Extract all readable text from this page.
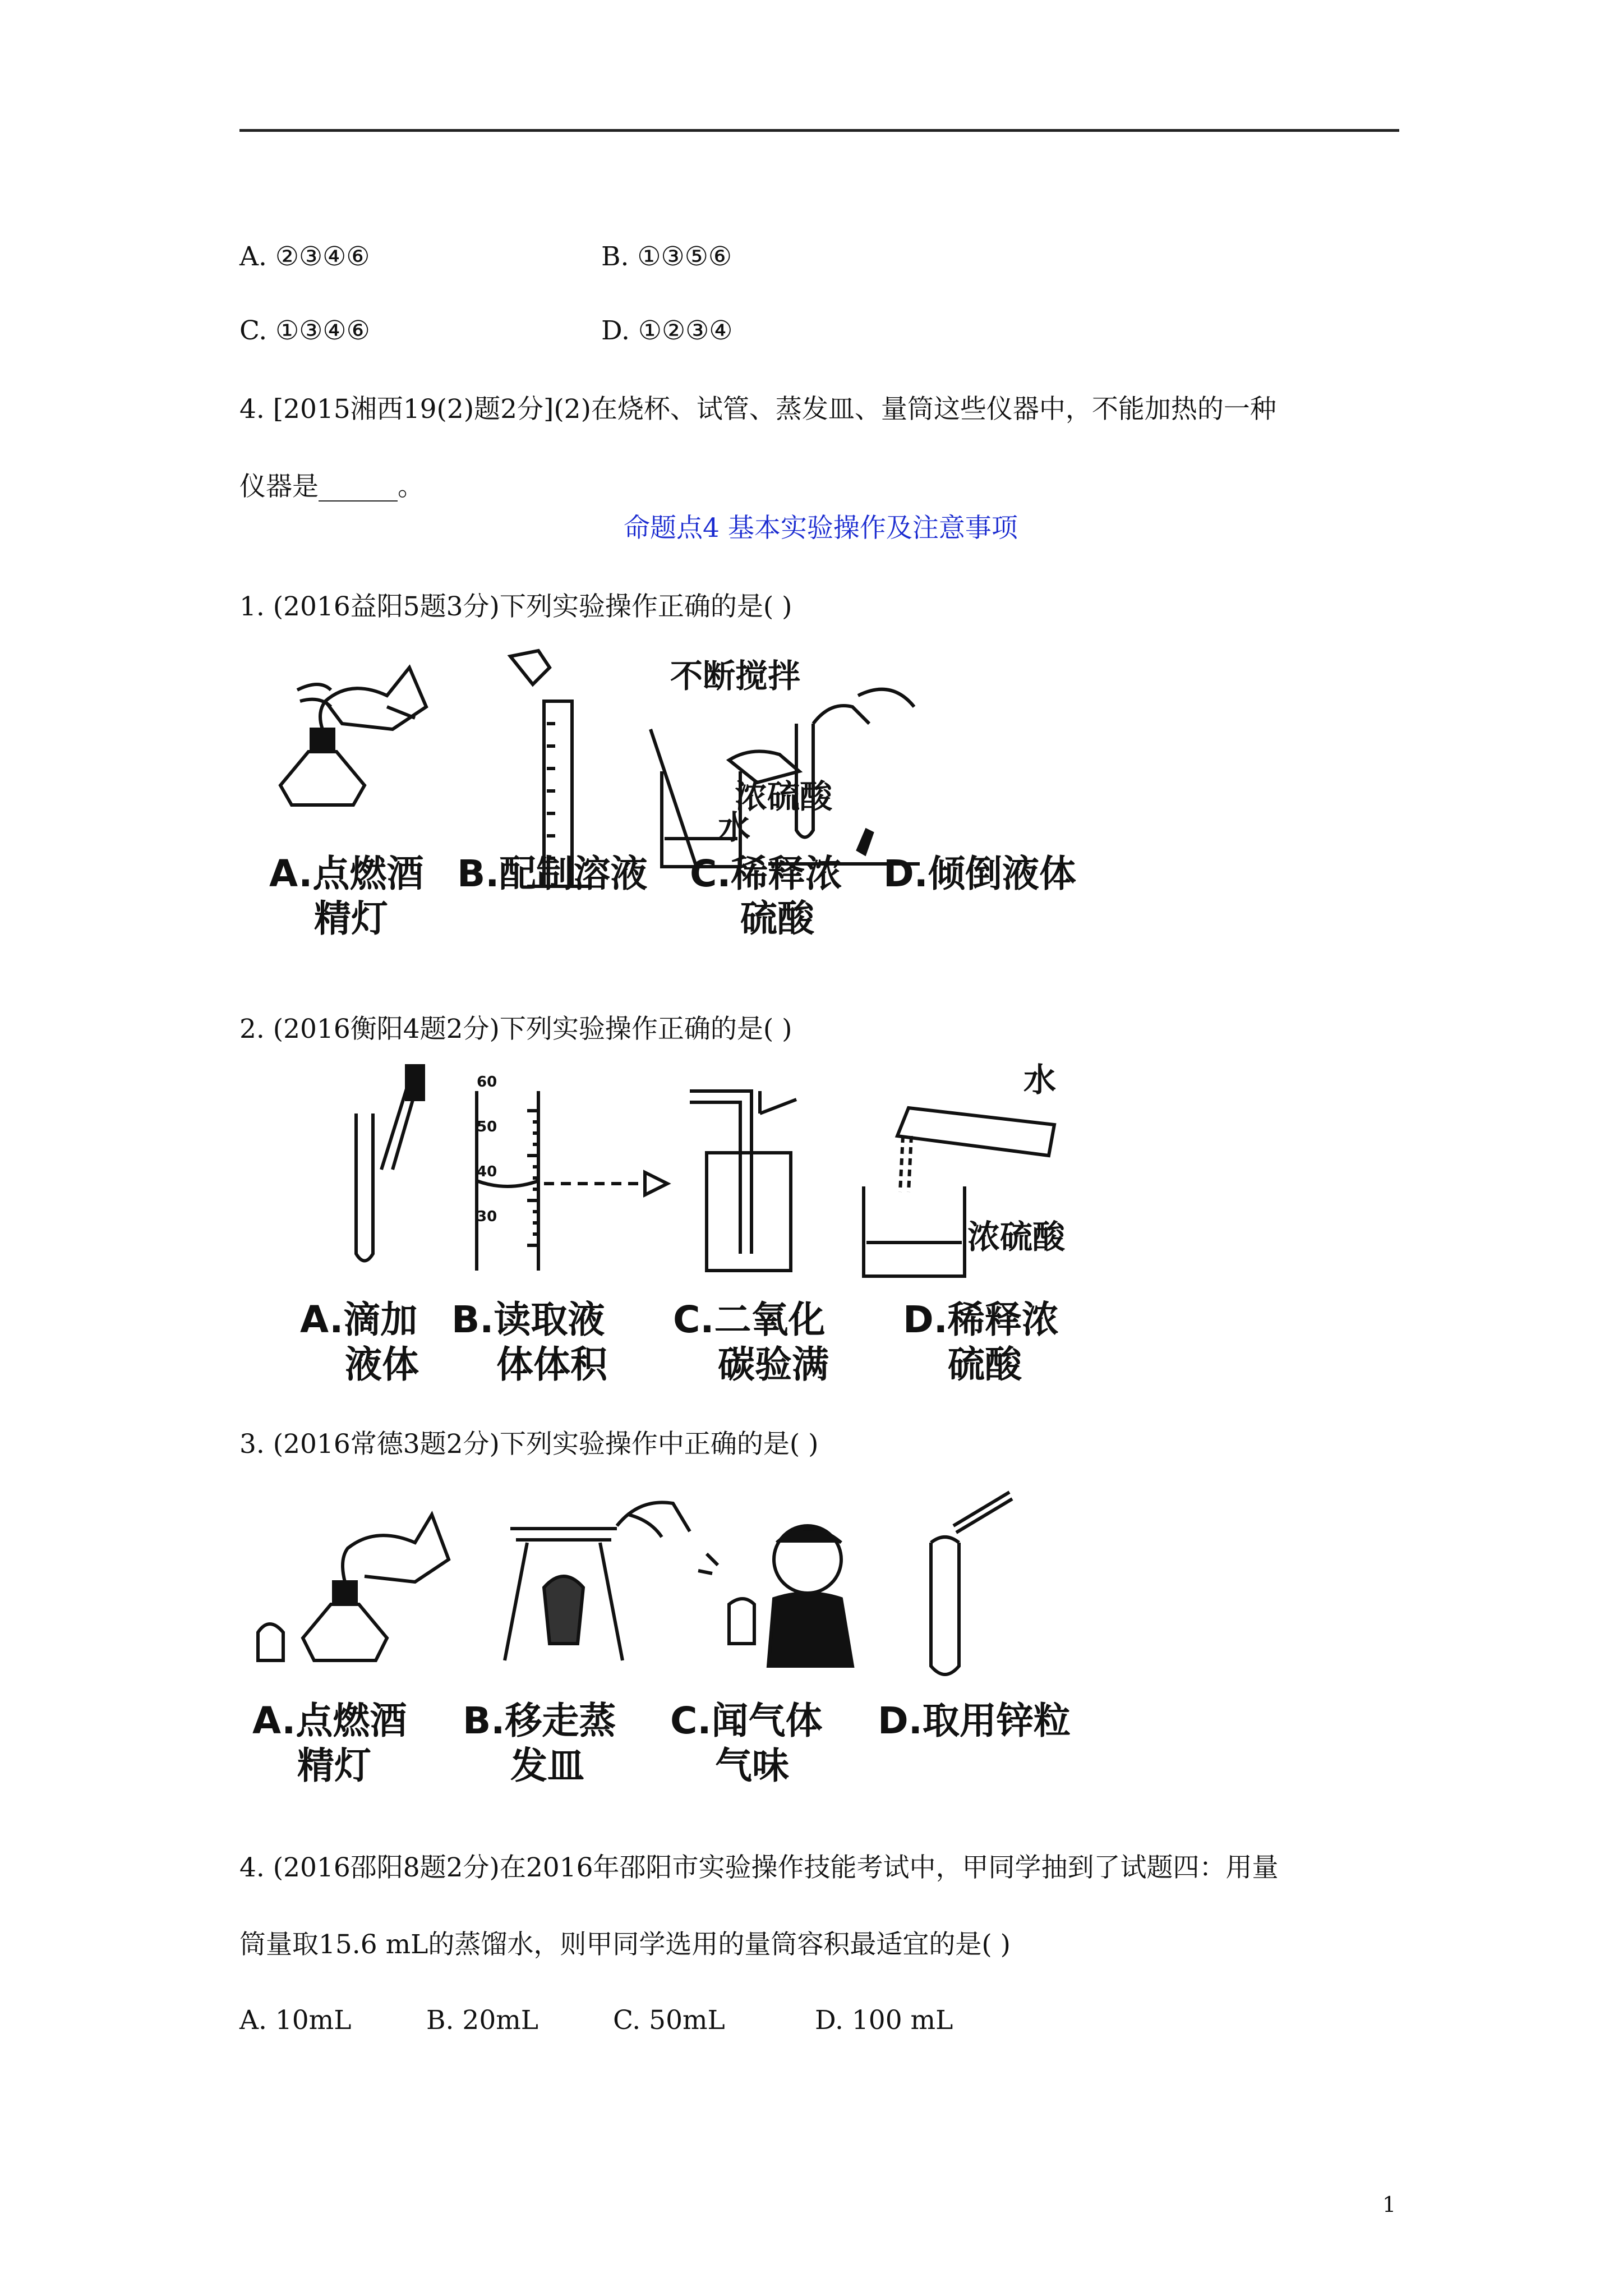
A. ②③④⑥	B. ①③⑤⑥
C. ①③④⑥	D. ①②③④
4. [2015湘西19(2)题2分](2)在烧杯、试管、蒸发皿、量筒这些仪器中，不能加热的一种
仪器是______。
命题点4 基本实验操作及注意事项
1. (2016益阳5题3分)下列实验操作正确的是( )
不断搅拌
浓硫酸
水
A.点燃酒
精灯
B.配制溶液 C.稀释浓
硫酸
D.倾倒液体
2. (2016衡阳4题2分)下列实验操作正确的是( )
60
50
40
30
水
浓硫酸
A.滴加
液体
B.读取液
体体积
C.二氧化
碳验满
D.稀释浓
硫酸
3. (2016常德3题2分)下列实验操作中正确的是( )
A.点燃酒
精灯
B.移走蒸
发皿
C.闻气体
气味
D.取用锌粒
4. (2016邵阳8题2分)在2016年邵阳市实验操作技能考试中，甲同学抽到了试题四：用量
筒量取15.6 mL的蒸馏水，则甲同学选用的量筒容积最适宜的是( )
A. 10mL	B. 20mL	C. 50mL	D. 100 mL
1
